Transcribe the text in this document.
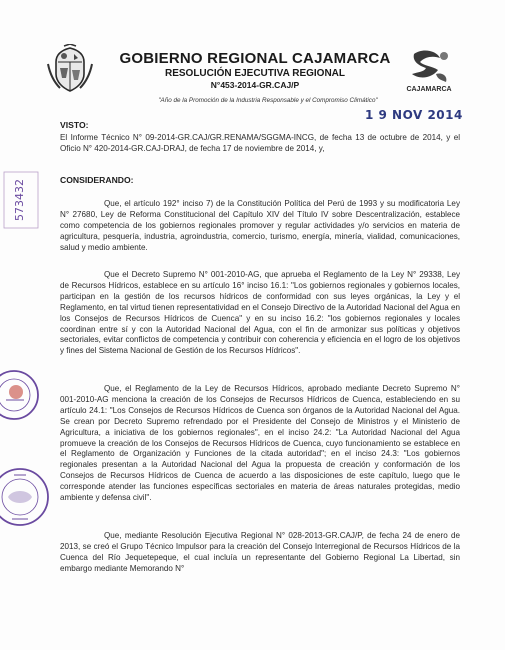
CAJAMARCA
GOBIERNO REGIONAL CAJAMARCA
RESOLUCIÓN EJECUTIVA REGIONAL
N°453-2014-GR.CAJ/P
"Año de la Promoción de la Industria Responsable y el Compromiso Climático"
1 9 NOV 2014
VISTO:

El Informe Técnico N° 09-2014-GR.CAJ/GR.RENAMA/SGGMA-INCG, de fecha 13 de octubre de 2014, y el Oficio N° 420-2014-GR.CAJ-DRAJ, de fecha 17 de noviembre de 2014, y,

CONSIDERANDO:

Que, el artículo 192° inciso 7) de la Constitución Política del Perú de 1993 y su modificatoria Ley N° 27680, Ley de Reforma Constitucional del Capítulo XIV del Título IV sobre Descentralización, establece como competencia de los gobiernos regionales promover y regular actividades y/o servicios en materia de agricultura, pesquería, industria, agroindustria, comercio, turismo, energía, minería, vialidad, comunicaciones, salud y medio ambiente.

Que el Decreto Supremo N° 001-2010-AG, que aprueba el Reglamento de la Ley N° 29338, Ley de Recursos Hídricos, establece en su artículo 16° inciso 16.1: "Los gobiernos regionales y gobiernos locales, participan en la gestión de los recursos hídricos de conformidad con sus leyes orgánicas, la Ley y el Reglamento, en tal virtud tienen representatividad en el Consejo Directivo de la Autoridad Nacional del Agua en los Consejos de Recursos Hídricos de Cuenca" y en su inciso 16.2: "los gobiernos regionales y locales coordinan entre sí y con la Autoridad Nacional del Agua, con el fin de armonizar sus políticas y objetivos sectoriales, evitar conflictos de competencia y contribuir con coherencia y eficiencia en el logro de los objetivos y fines del Sistema Nacional de Gestión de los Recursos Hídricos".

Que, el Reglamento de la Ley de Recursos Hídricos, aprobado mediante Decreto Supremo N° 001-2010-AG menciona la creación de los Consejos de Recursos Hídricos de Cuenca, estableciendo en su artículo 24.1: "Los Consejos de Recursos Hídricos de Cuenca son órganos de la Autoridad Nacional del Agua. Se crean por Decreto Supremo refrendado por el Presidente del Consejo de Ministros y el Ministerio de Agricultura, a iniciativa de los gobiernos regionales", en el inciso 24.2: "La Autoridad Nacional del Agua promueve la creación de los Consejos de Recursos Hídricos de Cuenca, cuyo funcionamiento se establece en el Reglamento de Organización y Funciones de la citada autoridad"; en el inciso 24.3: "Los gobiernos regionales presentan a la Autoridad Nacional del Agua la propuesta de creación y conformación de los Consejos de Recursos Hídricos de Cuenca de acuerdo a las disposiciones de este capítulo, luego que le corresponde atender las funciones específicas sectoriales en materia de áreas naturales protegidas, medio ambiente y defensa civil".

Que, mediante Resolución Ejecutiva Regional N° 028-2013-GR.CAJ/P, de fecha 24 de enero de 2013, se creó el Grupo Técnico Impulsor para la creación del Consejo Interregional de Recursos Hídricos de la Cuenca del Río Jequetepeque, el cual incluía un representante del Gobierno Regional La Libertad, sin embargo mediante Memorando N°

573432
